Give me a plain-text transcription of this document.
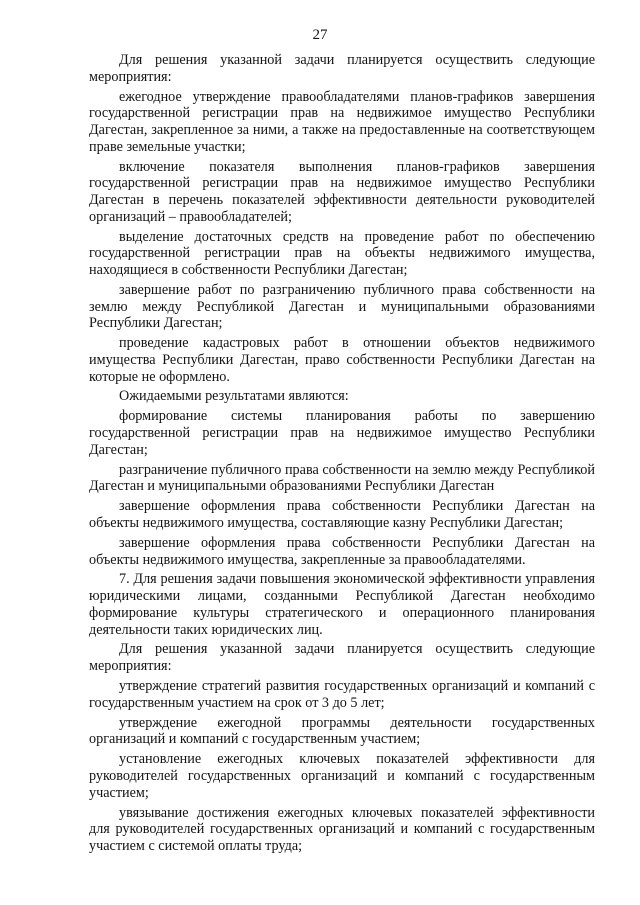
27

Для решения указанной задачи планируется осуществить следующие мероприятия:

ежегодное утверждение правообладателями планов-графиков завершения государственной регистрации прав на недвижимое имущество Республики Дагестан, закрепленное за ними, а также на предоставленные на соответствующем праве земельные участки;

включение показателя выполнения планов-графиков завершения государственной регистрации прав на недвижимое имущество Республики Дагестан в перечень показателей эффективности деятельности руководителей организаций – правообладателей;

выделение достаточных средств на проведение работ по обеспечению государственной регистрации прав на объекты недвижимого имущества, находящиеся в собственности Республики Дагестан;

завершение работ по разграничению публичного права собственности на землю между Республикой Дагестан и муниципальными образованиями Республики Дагестан;

проведение кадастровых работ в отношении объектов недвижимого имущества Республики Дагестан, право собственности Республики Дагестан на которые не оформлено.

Ожидаемыми результатами являются:

формирование системы планирования работы по завершению государственной регистрации прав на недвижимое имущество Республики Дагестан;

разграничение публичного права собственности на землю между Республикой Дагестан и муниципальными образованиями Республики Дагестан

завершение оформления права собственности Республики Дагестан на объекты недвижимого имущества, составляющие казну Республики Дагестан;

завершение оформления права собственности Республики Дагестан на объекты недвижимого имущества, закрепленные за правообладателями.

7. Для решения задачи повышения экономической эффективности управления юридическими лицами, созданными Республикой Дагестан необходимо формирование культуры стратегического и операционного планирования деятельности таких юридических лиц.

Для решения указанной задачи планируется осуществить следующие мероприятия:

утверждение стратегий развития государственных организаций и компаний с государственным участием на срок от 3 до 5 лет;

утверждение ежегодной программы деятельности государственных организаций и компаний с государственным участием;

установление ежегодных ключевых показателей эффективности для руководителей государственных организаций и компаний с государственным участием;

увязывание достижения ежегодных ключевых показателей эффективности для руководителей государственных организаций и компаний с государственным участием с системой оплаты труда;
